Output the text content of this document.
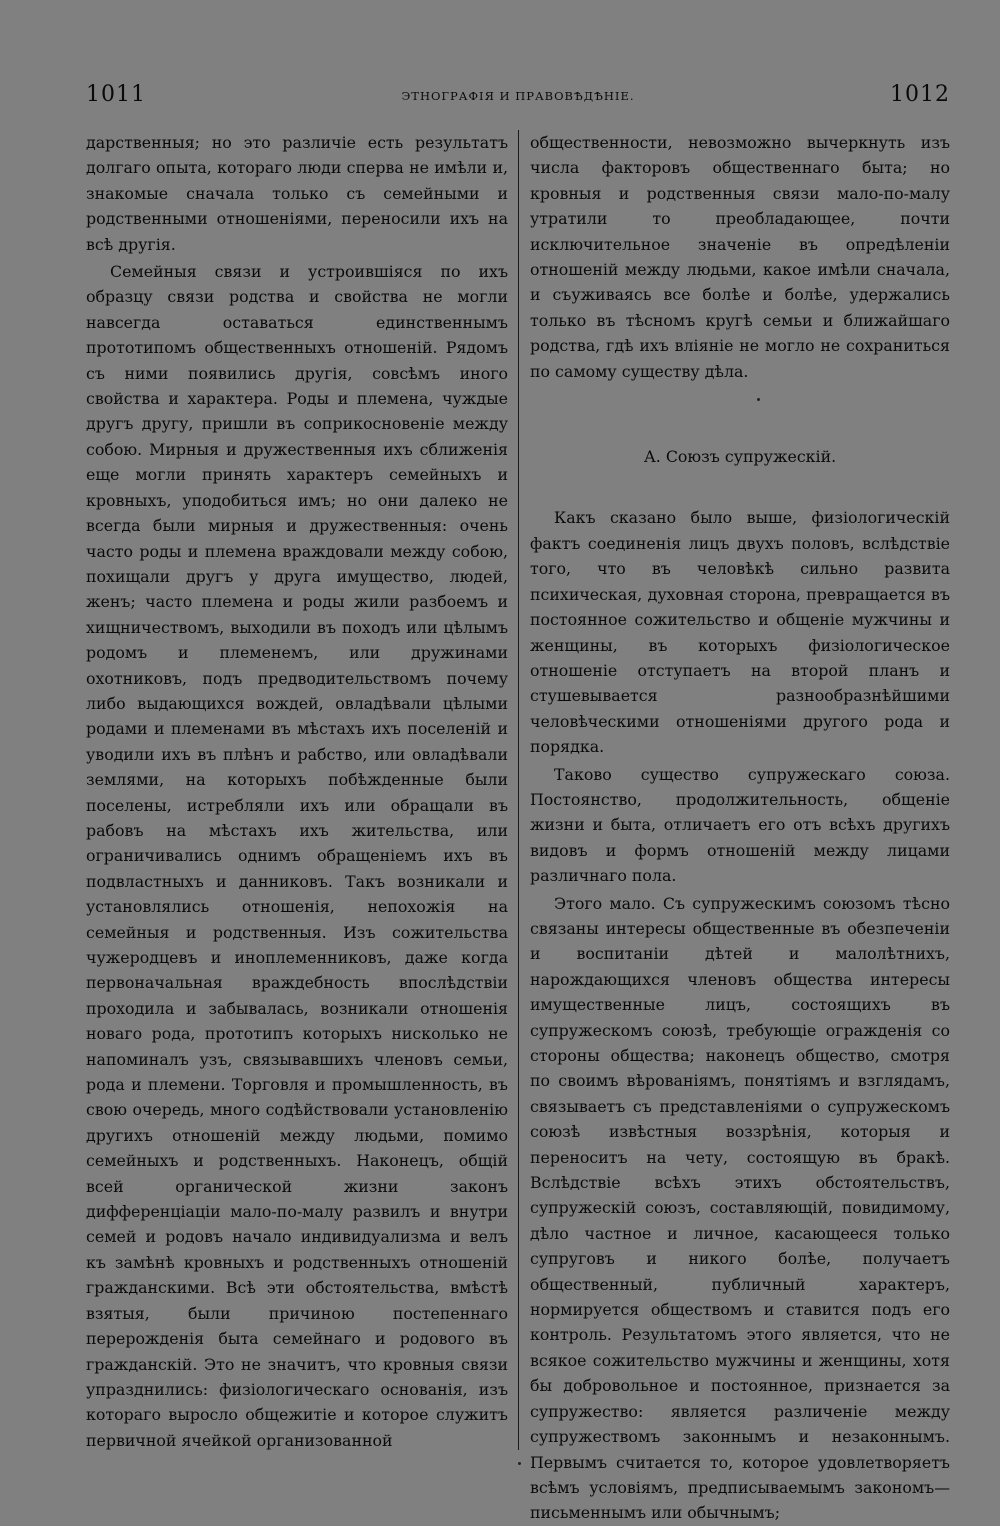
1011	ЭТНОГРАФІЯ И ПРАВОВѢДѢНІЕ.	1012

дарственныя; но это различіе есть результатъ долгаго опыта, котораго люди сперва не имѣли и, знакомые сначала только съ семейными и родственными отношеніями, переносили ихъ на всѣ другія.

Семейныя связи и устроившіяся по ихъ образцу связи родства и свойства не могли навсегда оставаться единственнымъ прототипомъ общественныхъ отношеній. Рядомъ съ ними появились другія, совсѣмъ иного свойства и характера. Роды и племена, чуждые другъ другу, пришли въ соприкосновеніе между собою. Мирныя и дружественныя ихъ сближенія еще могли принять характеръ семейныхъ и кровныхъ, уподобиться имъ; но они далеко не всегда были мирныя и дружественныя: очень часто роды и племена враждовали между собою, похищали другъ у друга имущество, людей, женъ; часто племена и роды жили разбоемъ и хищничествомъ, выходили въ походъ или цѣлымъ родомъ и племенемъ, или дружинами охотниковъ, подъ предводительствомъ почему либо выдающихся вождей, овладѣвали цѣлыми родами и племенами въ мѣстахъ ихъ поселеній и уводили ихъ въ плѣнъ и рабство, или овладѣвали землями, на которыхъ побѣжденные были поселены, истребляли ихъ или обращали въ рабовъ на мѣстахъ ихъ жительства, или ограничивались однимъ обращеніемъ ихъ въ подвластныхъ и данниковъ. Такъ возникали и установлялись отношенія, непохожія на семейныя и родственныя. Изъ сожительства чужеродцевъ и иноплеменниковъ, даже когда первоначальная враждебность впослѣдствіи проходила и забывалась, возникали отношенія новаго рода, прототипъ которыхъ нисколько не напоминалъ узъ, связывавшихъ членовъ семьи, рода и племени. Торговля и промышленность, въ свою очередь, много содѣйствовали установленію другихъ отношеній между людьми, помимо семейныхъ и родственныхъ. Наконецъ, общій всей органической жизни законъ дифференціаціи мало-по-малу развилъ и внутри семей и родовъ начало индивидуализма и велъ къ замѣнѣ кровныхъ и родственныхъ отношеній гражданскими. Всѣ эти обстоятельства, вмѣстѣ взятыя, были причиною постепеннаго перерожденія быта семейнаго и родового въ гражданскій. Это не значитъ, что кровныя связи упразднились: физіологическаго основанія, изъ котораго выросло общежитіе и которое служитъ первичной ячейкой организованной

общественности, невозможно вычеркнуть изъ числа факторовъ общественнаго быта; но кровныя и родственныя связи мало-по-малу утратили то преобладающее, почти исключительное значеніе въ опредѣленіи отношеній между людьми, какое имѣли сначала, и съуживаясь все болѣе и болѣе, удержались только въ тѣсномъ кругѣ семьи и ближайшаго родства, гдѣ ихъ вліяніе не могло не сохраниться по самому существу дѣла.

А. Союзъ супружескій.

Какъ сказано было выше, физіологическій фактъ соединенія лицъ двухъ половъ, вслѣдствіе того, что въ человѣкѣ сильно развита психическая, духовная сторона, превращается въ постоянное сожительство и общеніе мужчины и женщины, въ которыхъ физіологическое отношеніе отступаетъ на второй планъ и стушевывается разнообразнѣйшими человѣческими отношеніями другого рода и порядка.

Таково существо супружескаго союза. Постоянство, продолжительность, общеніе жизни и быта, отличаетъ его отъ всѣхъ другихъ видовъ и формъ отношеній между лицами различнаго пола.

Этого мало. Съ супружескимъ союзомъ тѣсно связаны интересы общественные въ обезпеченіи и воспитаніи дѣтей и малолѣтнихъ, нарождающихся членовъ общества интересы имущественные лицъ, состоящихъ въ супружескомъ союзѣ, требующіе огражденія со стороны общества; наконецъ общество, смотря по своимъ вѣрованіямъ, понятіямъ и взглядамъ, связываетъ съ представленіями о супружескомъ союзѣ извѣстныя воззрѣнія, которыя и переноситъ на чету, состоящую въ бракѣ. Вслѣдствіе всѣхъ этихъ обстоятельствъ, супружескій союзъ, составляющій, повидимому, дѣло частное и личное, касающееся только супруговъ и никого болѣе, получаетъ общественный, публичный характеръ, нормируется обществомъ и ставится подъ его контроль. Результатомъ этого является, что не всякое сожительство мужчины и женщины, хотя бы добровольное и постоянное, признается за супружество: является различеніе между супружествомъ законнымъ и незаконнымъ. Первымъ считается то, которое удовлетворяетъ всѣмъ условіямъ, предписываемымъ закономъ—письменнымъ или обычнымъ;
